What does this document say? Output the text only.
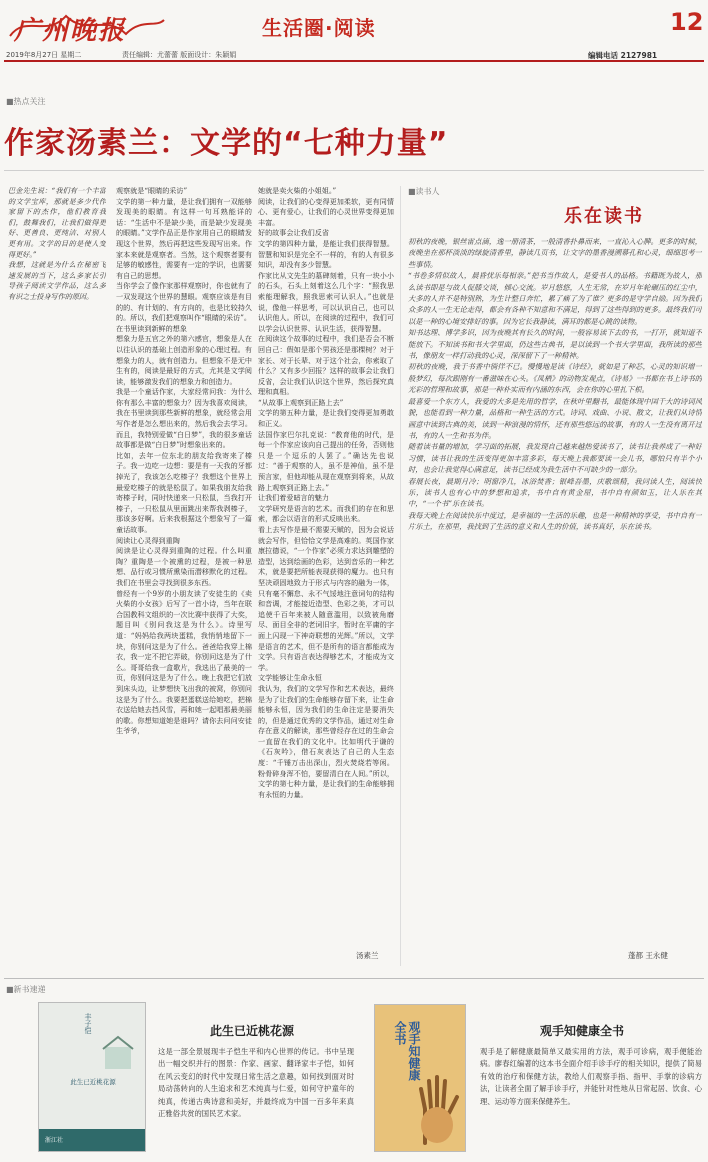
广州晚报	生活圈·阅读	12
2019年8月27日 星期二	责任编辑：尤蕾蕾 版面设计：朱颖娟	编辑电话 2127981
■热点关注
作家汤素兰：文学的“七种力量”
巴金先生说：“我们有一个丰富的文学宝库，那就是多少代作家留下的杰作，他们教育我们，鼓舞我们，让我们做得更好、更善良、更纯洁、对别人更有用。文学的目的是使人变得更好。”
我想，这就是为什么在秘密飞速发展的当下，这么多家长引导孩子阅读文学作品，这么多有识之士投身写作的原因。
观察就是“眼睛的采访”
文学的第一种力量，是让我们拥有一双能够发现美的眼睛。有这样一句耳熟能详的话：“生活中不是缺少美，而是缺少发现美的眼睛。”文学作品正是作家用自己的眼睛发现这个世界，然后再把这些发现写出来。作家本来就是观察者。当然，这个观察者要有足够的敏感性，需要有一定的学识，也需要有自己的思想。
当你学会了像作家那样观察时，你也就有了一双发现这个世界的慧眼。观察应该是有目的的、有计划的、有方向的，也是比较持久的。所以，我们把观察叫作“眼睛的采访”。
在书里读到新鲜的想象
想象力是五官之外的第六感官，想象是人在以往认识的基础上创造形象的心理过程。有想象力的人，就有创造力。但想象不是无中生有的，阅读是最好的方式，尤其是文学阅读，能够激发我们的想象力和创造力。
我是一个童话作家，大家经常问我：为什么你有那么丰富的想象力？因为我喜欢阅读，我在书里读到那些新鲜的想象，就经常会用写作者是怎么想出来的，然后我会去学习。而且，我特别爱做“白日梦”，我的很多童话故事都是做“白日梦”时想象出来的。
比如，去年一位东北的朋友给我寄来了榛子。我一边吃一边想：要是有一天我的牙都掉光了，我该怎么吃榛子？我想这个世界上最爱吃榛子的就是松鼠了。如果我朋友给我寄榛子时，同时快递来一只松鼠，当我打开榛子，一只松鼠从里面跳出来帮我剥榛子，那该多好啊。后来我根据这个想象写了一篇童话故事。
阅读让心灵得到重陶
阅读是让心灵得到重陶的过程。什么叫重陶？重陶是一个被熏的过程，是被一种思想、品行或习惯所熏染而潜移默化的过程。我们在书里会寻找到很多东西。
曾经有一个9岁的小朋友读了安徒生的《卖火柴的小女孩》后写了一首小诗，当年在联合国教科文组织的一次比赛中获得了大奖，题目叫《别问我这是为什么》。诗里写道：“妈妈给我两块蛋糕，我悄悄地留下一块，你别问这是为了什么。爸爸给我穿上棉衣，我一定不把它弄破，你别问这是为了什么。哥哥给我一盒歌片，我选出了最美的一页，你别问这是为了什么。晚上我把它们放到床头边，让梦想快飞出我的被窝，你别问这是为了什么。我要把蛋糕送给她吃，把棉衣送给她去挡风雪，再和她一起唱那最美丽的歌。你想知道她是谁吗？请你去问问安徒生爷爷，
她就是卖火柴的小姐姐。”
阅读，让我们的心变得更加柔软，更有同情心、更有爱心，让我们的心灵世界变得更加丰富。
好的故事会让我们反省
文学的第四种力量，是能让我们获得智慧。智慧和知识是完全不一样的，有的人有很多知识，却没有多少智慧。
作家比从文先生的墓碑刻着，只有一块小小的石头，石头上刻着这么几个字：“照我思索能理解我，照我思索可认识人。”也就是说，像他一样思考，可以认识自己，也可以认识他人。所以，在阅读的过程中，我们可以学会认识世界、认识生活，获得智慧。
在阅读这个故事的过程中，我们是否会不断回自己：假如是那个男孩还是那棵树？对于家长、对于长辈、对于这个社会，你索取了什么？又有多少回报？这样的故事会让我们反省，会让我们认识这个世界，然后探究真理和真相。
“从故事上观察到正路上去”
文学的第五种力量，是让我们变得更加勇敢和正义。
法国作家巴尔扎克说：“教育他的时代，是每一个作家应该向自己提出的任务，否则他只是一个逗乐的人罢了。”确达先也说过：“善于观察的人，虽不是神仙，虽不是预言家，但他却能从现在观察到将来，从故路上观察到正路上去。”
让我们着爱暗言的魅力
文学研究是语言的艺术。而我们的存在和思索，都会以语言的形式反映出来。
看上去写作是最不需要天赋的，因为会说话就会写作，但恰恰文学是高难的。英国作家康拉德说，“一个作家”必须力求达到雕塑的造型，达到绘画的色彩，达到音乐的一种艺术，就是要把所能表现获得的魔力。也只有坚决顽固地致力于形式与内容的融为一体，只有毫不懈怠、永不气馁地注意词句的结构和音调，才能接近造型、色彩之美，才可以追使千百年来被人随意滥用，以致被角磨尽、面目全非的老词旧字，暂时在平庸的字面上闪现一下神奇联想的光辉。”所以，文学是语言的艺术，但不是所有的语言都能成为文学。只有语言表达得够艺术，才能成为文学。
文学能够让生命永恒
我认为，我们的文学写作和艺术表达，最终是为了让我们的生命能够存留下来，让生命能够永恒，因为我们的生命注定是要消失的，但是通过优秀的文学作品，通过对生命存在意义的解读，那些曾经存在过的生命会一直留在我们的文化中。比如明代于谦的《石灰吟》，借石灰表达了自己的人生态度：“千锤万击出深山，烈火焚烧若等闲。粉骨碎身浑不怕，要留清白在人间。”所以，文学的第七种力量，是让我们的生命能够拥有永恒的力量。
汤素兰
■读书人
乐在读书
初秋的夜晚，银丝雷点滴，逸一册清茶，一般清香扑鼻而来，一直沁入心脾。更多的时候，夜晚坐在那杯淡淡的绿旋清香里，静读几页书，让文字的墨香漫溯幕孔和心灵，细细思考一些事情。
“书卷多情似故人，晨昏忧乐每相亲。”把书当作故人，是爱书人的品格。书籍既为故人，那么读书即是与故人促膝交谈，倾心交流。岁月悠悠，人生无常，在岁月年轮碾压的红尘中，大多的人并不是特别熟，为生计整日奔忙，累了痛了为了谁？更多的是守学自励。因为我们众多的人一生无论走得，都会有各种不知意和不满足，得到了这些得到的更多。最终我们可以是一种的心境安排好的事。因为它长我静读，满耳的都是心跳的读物。
知书达理、博学多识，因为夜晚其有长久的时间，一般容易读下去的书，一打开，就知道不能放下。不知读书和书大学里面，仍这些古典书，是以读到一个书大学里面，我所读的那些书，像朋友一样打动我的心灵，深深留下了一种精神。
初秋的夜晚，我于书香中徜徉不已。慢慢地是读《诗经》，就如是了种芯，心灵的知识增一般梦幻，每次跟刚有一番滋味在心头。《凤栖》的动物发观点，《诗易》一书都在书上诗书的光彩的哲理和故事，那是一种朴实而有内涵的东西，会在你的心里扎下根。
最喜爱一个东方人，我爱的大多是先用的哲学，在秋叶里翻书，最能体现中国千大的诗词风貌，也能看到一种力量，品格和一种生活的方式。诗词、戏曲、小说、散文，让我们从诗情画意中读到古典的美，读到一种浪漫的情怀，还有那些悠远的故事，有的人一生没有离开过书，有的人一生和书为伴。
随着读书量的增加，学习面的拓展，我发现自己越来越热爱读书了，读书让我养成了一种好习惯，读书让我的生活变得更加丰富多彩，每天晚上我都要读一会儿书，哪怕只有半个小时，也会让我觉得心满意足，读书已经成为我生活中不可缺少的一部分。
春展长夜，晨期月冷；明窗净几，冰浴焚香；银峰吾墨，庆歌颂精，我同读人生，阅读快乐，读书人也有心中的梦想和追求，书中自有黄金屋，书中自有颜如玉，让人乐在其中，“一个书”乐在读书。
我每天晚上在阅读快乐中度过，是幸福的一生活的乐趣，也是一种精神的享受，书中自有一片乐土，在那里，我找到了生活的意义和人生的价值，读书真好，乐在读书。
蓬都 王永健
■新书速递
丰子恺
此生已近桃花源
浙江社
此生已近桃花源
这是一部全景展现丰子恺生平和内心世界的传记。书中呈现出一幅交织并行的图景：作家、画家、翻译家丰子恺，如何在风云变幻的时代中发现日常生活之意趣，如何找到面对时局动荡转向的人生追求和艺术纯真与仁爱，如何守护童年的纯真，传递古典诗意和美好，并最终成为中国一百多年来真正雅俗共赏的国民艺术家。
观手知健康全书	观手知健康全书
观手是了解健康最简单又最实用的方法，观手可诊病，观手便能治病。廖春红编著的这本书全面介绍手诊手疗的相关知识，提供了简易有效的治疗和保健方法，教给人们观察手指、指甲、手掌的诊病方法，让读者全面了解手诊手疗，并能针对性地从日常起居、饮食、心理、运动等方面来保健养生。
